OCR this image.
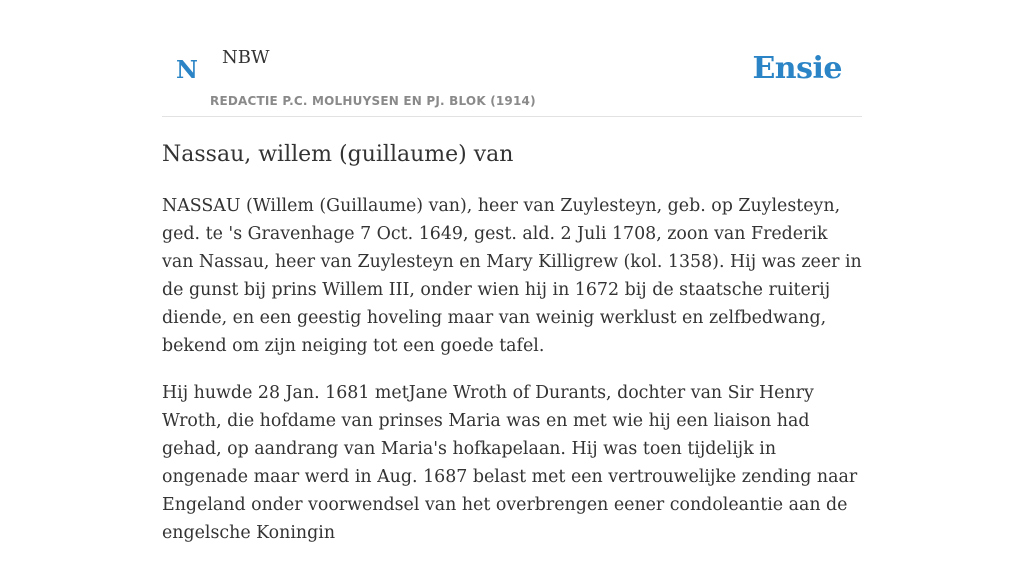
N NBW
REDACTIE P.C. MOLHUYSEN EN PJ. BLOK (1914)
Ensie
Nassau, willem (guillaume) van

NASSAU (Willem (Guillaume) van), heer van Zuylesteyn, geb. op Zuylesteyn, ged. te 's Gravenhage 7 Oct. 1649, gest. ald. 2 Juli 1708, zoon van Frederik van Nassau, heer van Zuylesteyn en Mary Killigrew (kol. 1358). Hij was zeer in de gunst bij prins Willem III, onder wien hij in 1672 bij de staatsche ruiterij diende, en een geestig hoveling maar van weinig werklust en zelfbedwang, bekend om zijn neiging tot een goede tafel.

Hij huwde 28 Jan. 1681 metJane Wroth of Durants, dochter van Sir Henry Wroth, die hofdame van prinses Maria was en met wie hij een liaison had gehad, op aandrang van Maria's hofkapelaan. Hij was toen tijdelijk in ongenade maar werd in Aug. 1687 belast met een vertrouwelijke zending naar Engeland onder voorwendsel van het overbrengen eener condoleantie aan de engelsche Koningin
